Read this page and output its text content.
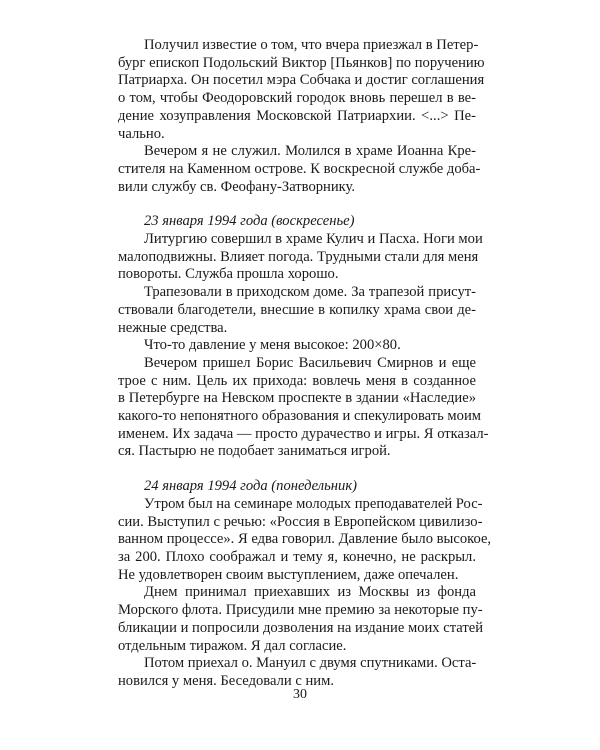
Получил известие о том, что вчера приезжал в Петер-
бург епископ Подольский Виктор [Пьянков] по поручению
Патриарха. Он посетил мэра Собчака и достиг соглашения
о том, чтобы Феодоровский городок вновь перешел в ве-
дение хозуправления Московской Патриархии. <...> Пе-
чально.
Вечером я не служил. Молился в храме Иоанна Кре-
стителя на Каменном острове. К воскресной службе доба-
вили службу св. Феофану-Затворнику.
23 января 1994 года (воскресенье)
Литургию совершил в храме Кулич и Пасха. Ноги мои
малоподвижны. Влияет погода. Трудными стали для меня
повороты. Служба прошла хорошо.
Трапезовали в приходском доме. За трапезой присут-
ствовали благодетели, внесшие в копилку храма свои де-
нежные средства.
Что-то давление у меня высокое: 200×80.
Вечером пришел Борис Васильевич Смирнов и еще
трое с ним. Цель их прихода: вовлечь меня в созданное
в Петербурге на Невском проспекте в здании «Наследие»
какого-то непонятного образования и спекулировать моим
именем. Их задача — просто дурачество и игры. Я отказал-
ся. Пастырю не подобает заниматься игрой.
24 января 1994 года (понедельник)
Утром был на семинаре молодых преподавателей Рос-
сии. Выступил с речью: «Россия в Европейском цивилизо-
ванном процессе». Я едва говорил. Давление было высокое,
за 200. Плохо соображал и тему я, конечно, не раскрыл.
Не удовлетворен своим выступлением, даже опечален.
Днем принимал приехавших из Москвы из фонда
Морского флота. Присудили мне премию за некоторые пу-
бликации и попросили дозволения на издание моих статей
отдельным тиражом. Я дал согласие.
Потом приехал о. Мануил с двумя спутниками. Оста-
новился у меня. Беседовали с ним.
30
